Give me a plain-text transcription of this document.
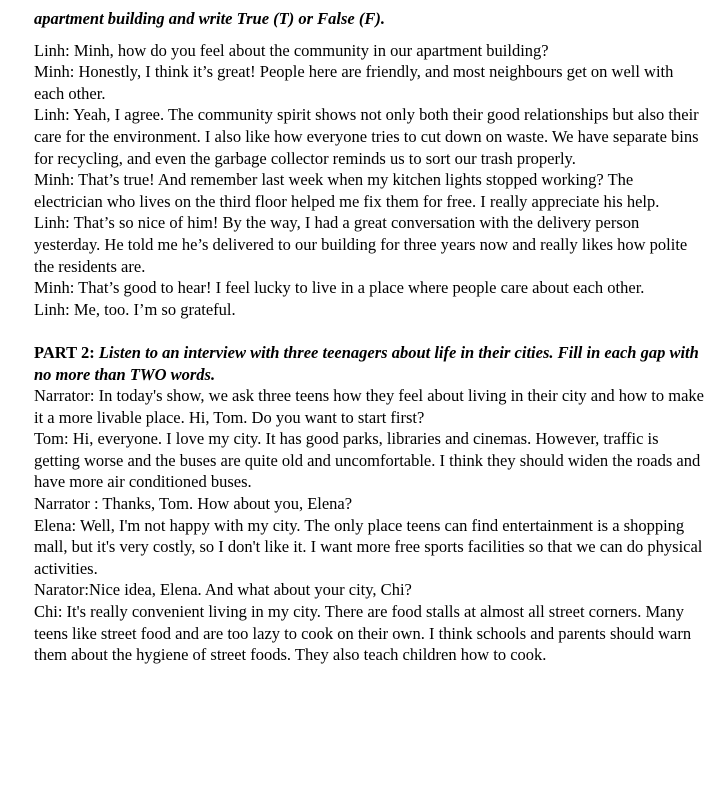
apartment building and write True (T) or False (F).

Linh: Minh, how do you feel about the community in our apartment building?

Minh: Honestly, I think it’s great! People here are friendly, and most neighbours get on well with each other.

Linh: Yeah, I agree. The community spirit shows not only both their good relationships but also their care for the environment. I also like how everyone tries to cut down on waste. We have separate bins for recycling, and even the garbage collector reminds us to sort our trash properly.

Minh: That’s true! And remember last week when my kitchen lights stopped working? The electrician who lives on the third floor helped me fix them for free. I really appreciate his help.

Linh: That’s so nice of him! By the way, I had a great conversation with the delivery person yesterday. He told me he’s delivered to our building for three years now and really likes how polite the residents are.

Minh: That’s good to hear! I feel lucky to live in a place where people care about each other.

Linh: Me, too. I’m so grateful.

PART 2: Listen to an interview with three teenagers about life in their cities. Fill in each gap with no more than TWO words.

Narrator: In today's show, we ask three teens how they feel about living in their city and how to make it a more livable place. Hi, Tom. Do you want to start first?

Tom: Hi, everyone. I love my city. It has good parks, libraries and cinemas. However, traffic is getting worse and the buses are quite old and uncomfortable. I think they should widen the roads and have more air conditioned buses.

Narrator : Thanks, Tom. How about you, Elena?

Elena: Well, I'm not happy with my city. The only place teens can find entertainment is a shopping mall, but it's very costly, so I don't like it. I want more free sports facilities so that we can do physical activities.

Narator:Nice idea, Elena. And what about your city, Chi?

Chi: It's really convenient living in my city. There are food stalls at almost all street corners. Many teens like street food and are too lazy to cook on their own. I think schools and parents should warn them about the hygiene of street foods. They also teach children how to cook.
